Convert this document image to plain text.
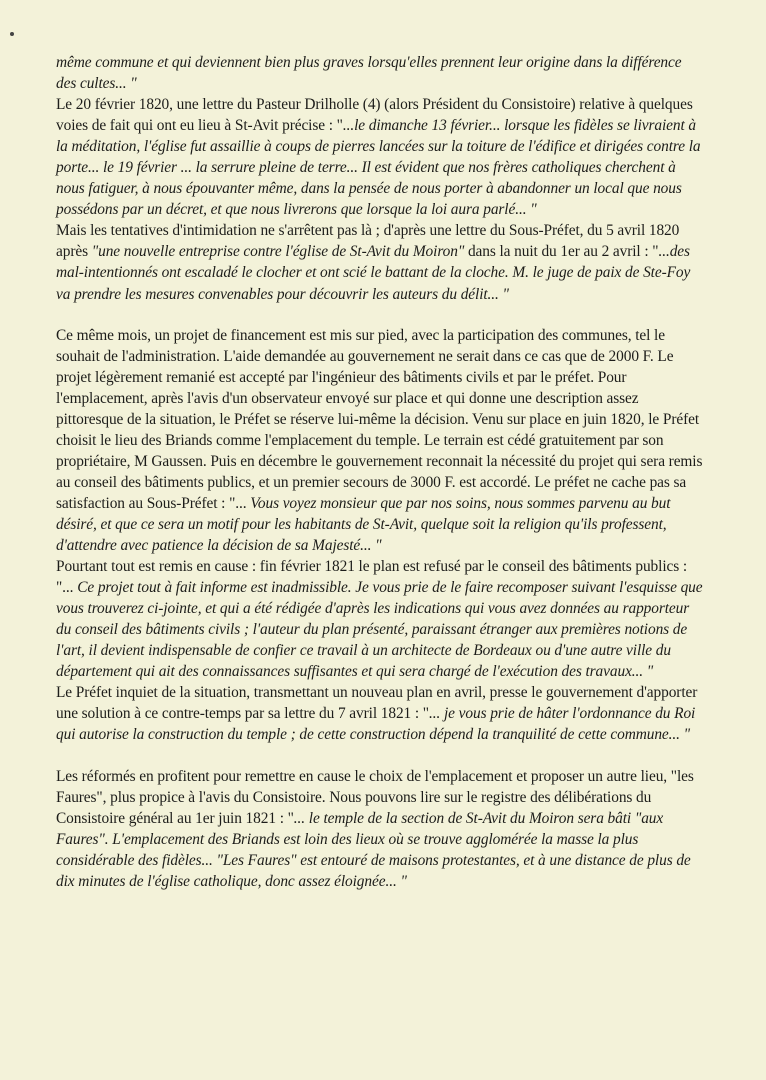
même commune et qui deviennent bien plus graves lorsqu'elles prennent leur origine dans la différence des cultes... "

Le 20 février 1820, une lettre du Pasteur Drilholle (4) (alors Président du Consistoire) relative à quelques voies de fait qui ont eu lieu à St-Avit précise : "...le dimanche 13 février... lorsque les fidèles se livraient à la méditation, l'église fut assaillie à coups de pierres lancées sur la toiture de l'édifice et dirigées contre la porte... le 19 février ... la serrure pleine de terre... Il est évident que nos frères catholiques cherchent à nous fatiguer, à nous épouvanter même, dans la pensée de nous porter à abandonner un local que nous possédons par un décret, et que nous livrerons que lorsque la loi aura parlé... "

Mais les tentatives d'intimidation ne s'arrêtent pas là ; d'après une lettre du Sous-Préfet, du 5 avril 1820 après "une nouvelle entreprise contre l'église de St-Avit du Moiron" dans la nuit du 1er au 2 avril : "...des mal-intentionnés ont escaladé le clocher et ont scié le battant de la cloche. M. le juge de paix de Ste-Foy va prendre les mesures convenables pour découvrir les auteurs du délit... "

Ce même mois, un projet de financement est mis sur pied, avec la participation des communes, tel le souhait de l'administration. L'aide demandée au gouvernement ne serait dans ce cas que de 2000 F. Le projet légèrement remanié est accepté par l'ingénieur des bâtiments civils et par le préfet. Pour l'emplacement, après l'avis d'un observateur envoyé sur place et qui donne une description assez pittoresque de la situation, le Préfet se réserve lui-même la décision. Venu sur place en juin 1820, le Préfet choisit le lieu des Briands comme l'emplacement du temple. Le terrain est cédé gratuitement par son propriétaire, M Gaussen. Puis en décembre le gouvernement reconnait la nécessité du projet qui sera remis au conseil des bâtiments publics, et un premier secours de 3000 F. est accordé. Le préfet ne cache pas sa satisfaction au Sous-Préfet : "... Vous voyez monsieur que par nos soins, nous sommes parvenu au but désiré, et que ce sera un motif pour les habitants de St-Avit, quelque soit la religion qu'ils professent, d'attendre avec patience la décision de sa Majesté... "

Pourtant tout est remis en cause : fin février 1821 le plan est refusé par le conseil des bâtiments publics : "... Ce projet tout à fait informe est inadmissible. Je vous prie de le faire recomposer suivant l'esquisse que vous trouverez ci-jointe, et qui a été rédigée d'après les indications qui vous avez données au rapporteur du conseil des bâtiments civils ; l'auteur du plan présenté, paraissant étranger aux premières notions de l'art, il devient indispensable de confier ce travail à un architecte de Bordeaux ou d'une autre ville du département qui ait des connaissances suffisantes et qui sera chargé de l'exécution des travaux... "

Le Préfet inquiet de la situation, transmettant un nouveau plan en avril, presse le gouvernement d'apporter une solution à ce contre-temps par sa lettre du 7 avril 1821 : "... je vous prie de hâter l'ordonnance du Roi qui autorise la construction du temple ; de cette construction dépend la tranquilité de cette commune... "

Les réformés en profitent pour remettre en cause le choix de l'emplacement et proposer un autre lieu, "les Faures", plus propice à l'avis du Consistoire. Nous pouvons lire sur le registre des délibérations du Consistoire général au 1er juin 1821 : "... le temple de la section de St-Avit du Moiron sera bâti "aux Faures". L'emplacement des Briands est loin des lieux où se trouve agglomérée la masse la plus considérable des fidèles... "Les Faures" est entouré de maisons protestantes, et à une distance de plus de dix minutes de l'église catholique, donc assez éloignée... "
